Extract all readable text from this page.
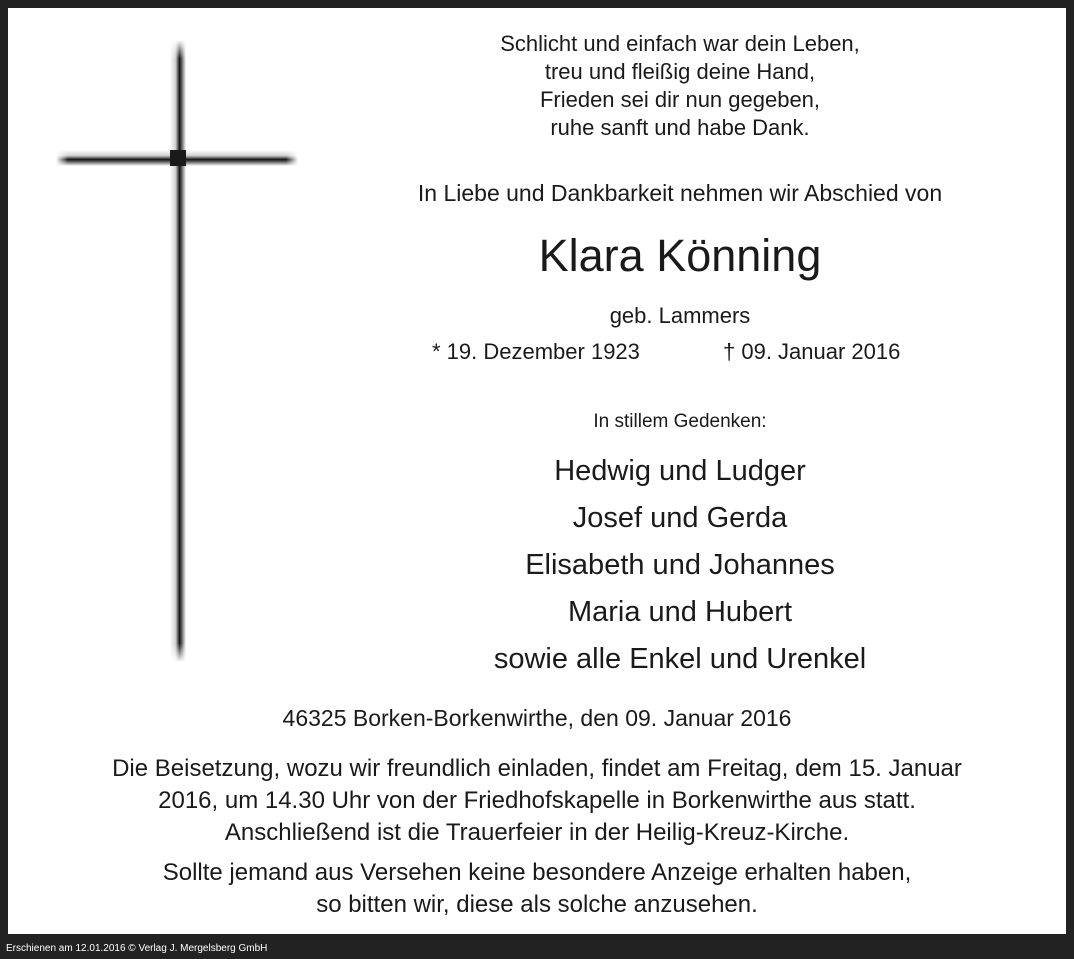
Schlicht und einfach war dein Leben,
treu und fleißig deine Hand,
Frieden sei dir nun gegeben,
ruhe sanft und habe Dank.
In Liebe und Dankbarkeit nehmen wir Abschied von
Klara Könning
geb. Lammers
* 19. Dezember 1923	† 09. Januar 2016
In stillem Gedenken:
Hedwig und Ludger
Josef und Gerda
Elisabeth und Johannes
Maria und Hubert
sowie alle Enkel und Urenkel
46325 Borken-Borkenwirthe, den 09. Januar 2016
Die Beisetzung, wozu wir freundlich einladen, findet am Freitag, dem 15. Januar
2016, um 14.30 Uhr von der Friedhofskapelle in Borkenwirthe aus statt.
Anschließend ist die Trauerfeier in der Heilig-Kreuz-Kirche.
Sollte jemand aus Versehen keine besondere Anzeige erhalten haben,
so bitten wir, diese als solche anzusehen.
Erschienen am 12.01.2016 © Verlag J. Mergelsberg GmbH
